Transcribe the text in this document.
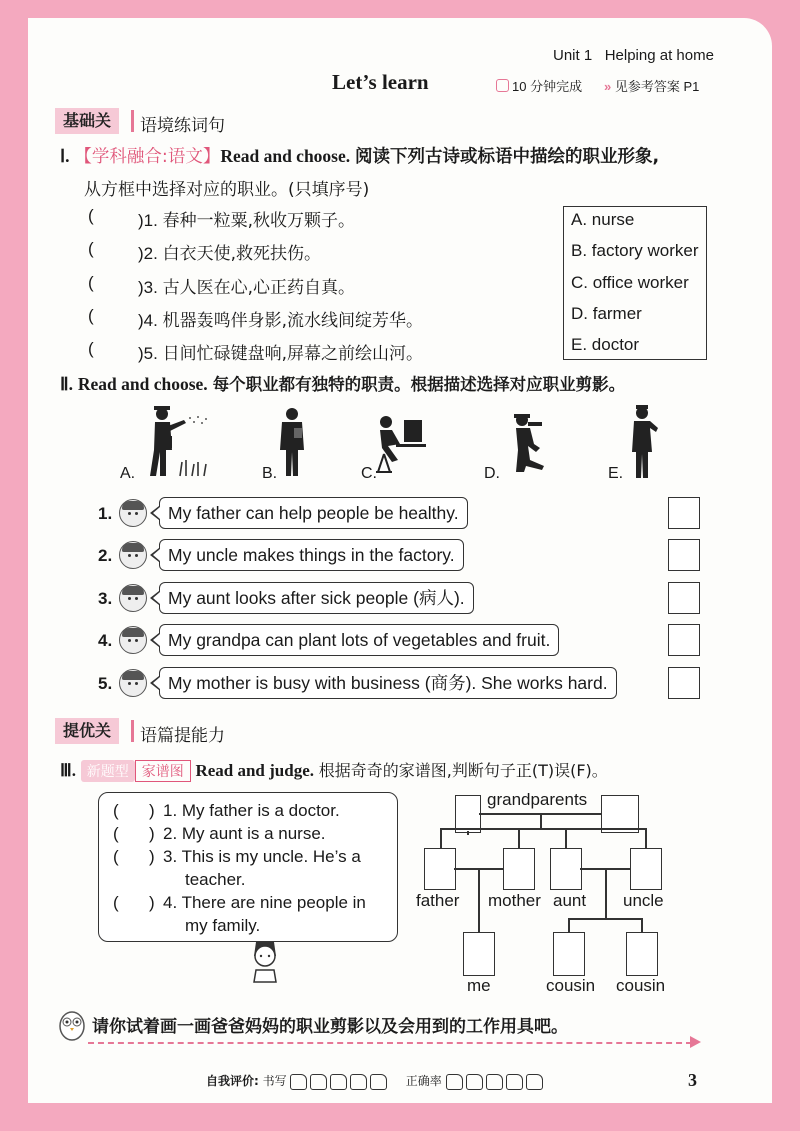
Unit 1 Helping at home
Let’s learn	10 分钟完成 » 见参考答案 P1
基础关	语境练词句
Ⅰ. 【学科融合:语文】Read and choose. 阅读下列古诗或标语中描绘的职业形象,
从方框中选择对应的职业。(只填序号)
(	)1. 春种一粒粟,秋收万颗子。
(	)2. 白衣天使,救死扶伤。
(	)3. 古人医在心,心正药自真。
(	)4. 机器轰鸣伴身影,流水线间绽芳华。
(	)5. 日间忙碌键盘响,屏幕之前绘山河。
A. nurse
B. factory worker
C. office worker
D. farmer
E. doctor
Ⅱ. Read and choose. 每个职业都有独特的职责。根据描述选择对应职业剪影。
A.	B.	C.	D.	E.
1.	My father can help people be healthy.
2.	My uncle makes things in the factory.
3.	My aunt looks after sick people (病人).
4.	My grandpa can plant lots of vegetables and fruit.
5.	My mother is busy with business (商务). She works hard.
提优关	语篇提能力
Ⅲ. 新题型 家谱图 Read and judge. 根据奇奇的家谱图,判断句子正(T)误(F)。
( ) 1. My father is a doctor.
( ) 2. My aunt is a nurse.
( ) 3. This is my uncle. He’s a
teacher.
( ) 4. There are nine people in
my family.
grandparents
father mother aunt uncle
me	cousin cousin
请你试着画一画爸爸妈妈的职业剪影以及会用到的工作用具吧。
自我评价: 书写	正确率	3
